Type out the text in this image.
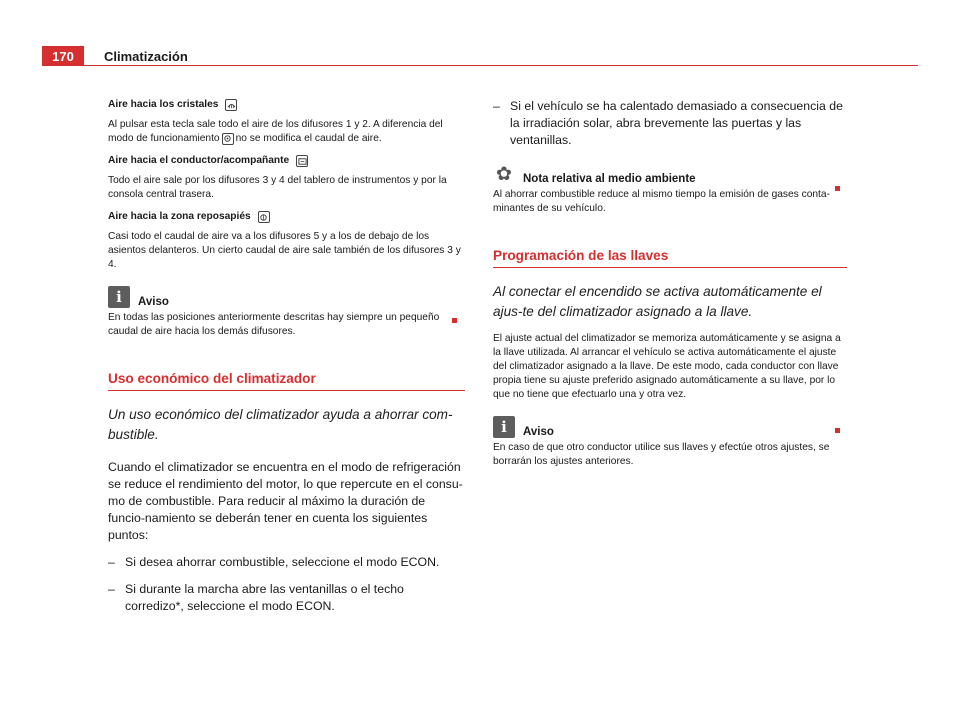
170	Climatización
Aire hacia los cristales

Al pulsar esta tecla sale todo el aire de los difusores 1 y 2. A diferencia del modo de funcionamiento no se modifica el caudal de aire.

Aire hacia el conductor/acompañante

Todo el aire sale por los difusores 3 y 4 del tablero de instrumentos y por la consola central trasera.

Aire hacia la zona reposapiés

Casi todo el caudal de aire va a los difusores 5 y a los de debajo de los asientos delanteros. Un cierto caudal de aire sale también de los difusores 3 y 4.

i	Aviso

En todas las posiciones anteriormente descritas hay siempre un pequeño caudal de aire hacia los demás difusores.

Uso económico del climatizador

Un uso económico del climatizador ayuda a ahorrar com-bustible.

Cuando el climatizador se encuentra en el modo de refrigeración se reduce el rendimiento del motor, lo que repercute en el consu-mo de combustible. Para reducir al máximo la duración de funcio-namiento se deberán tener en cuenta los siguientes puntos:

– Si desea ahorrar combustible, seleccione el modo ECON.
– Si durante la marcha abre las ventanillas o el techo corredizo*, seleccione el modo ECON.
– Si el vehículo se ha calentado demasiado a consecuencia de la irradiación solar, abra brevemente las puertas y las ventanillas.
✿ Nota relativa al medio ambiente

Al ahorrar combustible reduce al mismo tiempo la emisión de gases conta-minantes de su vehículo.

Programación de las llaves

Al conectar el encendido se activa automáticamente el ajus-te del climatizador asignado a la llave.

El ajuste actual del climatizador se memoriza automáticamente y se asigna a la llave utilizada. Al arrancar el vehículo se activa automáticamente el ajuste del climatizador asignado a la llave. De este modo, cada conductor con llave propia tiene su ajuste preferido asignado automáticamente a su llave, por lo que no tiene que efectuarlo una y otra vez.

i	Aviso

En caso de que otro conductor utilice sus llaves y efectúe otros ajustes, se borrarán los ajustes anteriores.
